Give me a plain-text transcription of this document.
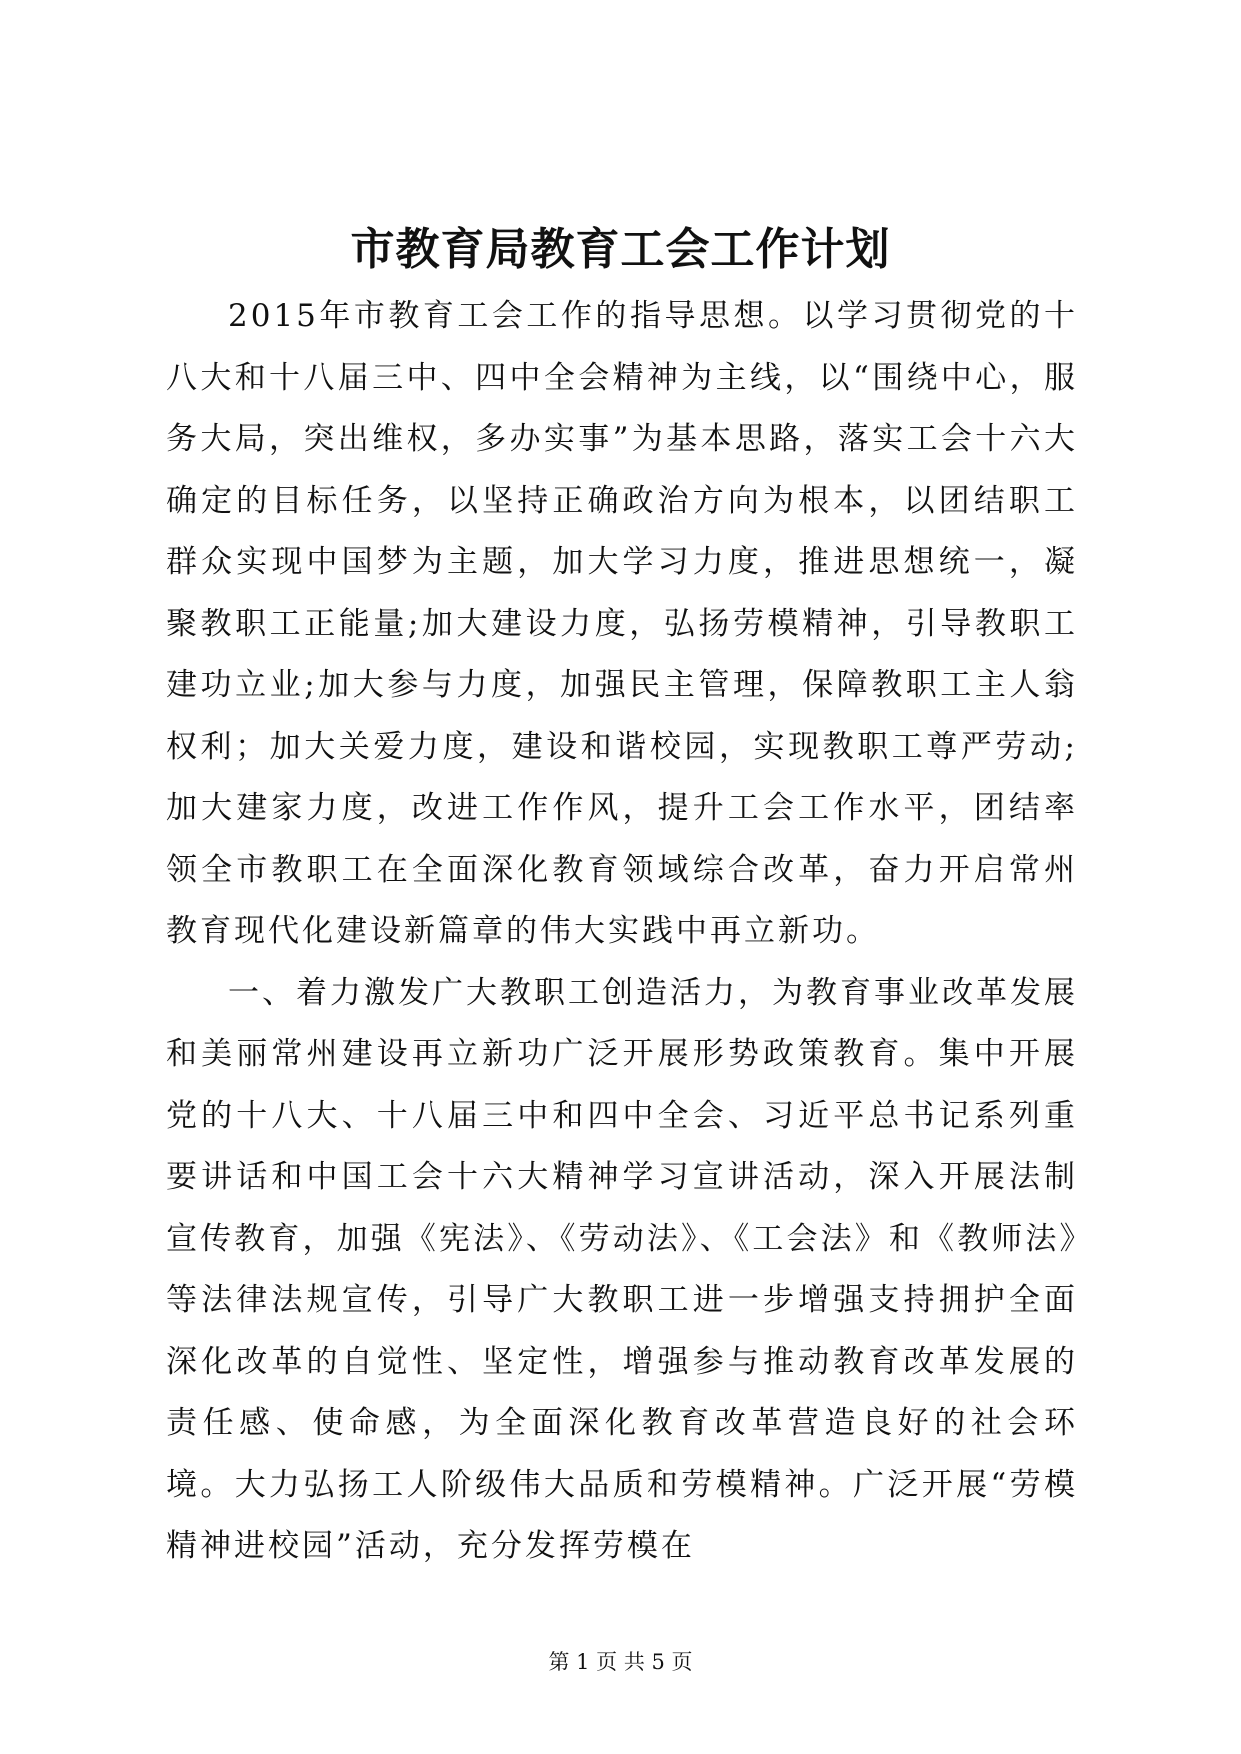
市教育局教育工会工作计划

2015年市教育工会工作的指导思想。以学习贯彻党的十八大和十八届三中、四中全会精神为主线，以“围绕中心，服务大局，突出维权，多办实事”为基本思路，落实工会十六大确定的目标任务，以坚持正确政治方向为根本，以团结职工群众实现中国梦为主题，加大学习力度，推进思想统一，凝聚教职工正能量;加大建设力度，弘扬劳模精神，引导教职工建功立业;加大参与力度，加强民主管理，保障教职工主人翁权利；加大关爱力度，建设和谐校园，实现教职工尊严劳动;加大建家力度，改进工作作风，提升工会工作水平，团结率领全市教职工在全面深化教育领域综合改革，奋力开启常州教育现代化建设新篇章的伟大实践中再立新功。

一、着力激发广大教职工创造活力，为教育事业改革发展和美丽常州建设再立新功广泛开展形势政策教育。集中开展党的十八大、十八届三中和四中全会、习近平总书记系列重要讲话和中国工会十六大精神学习宣讲活动，深入开展法制宣传教育，加强《宪法》、《劳动法》、《工会法》和《教师法》等法律法规宣传，引导广大教职工进一步增强支持拥护全面深化改革的自觉性、坚定性，增强参与推动教育改革发展的责任感、使命感，为全面深化教育改革营造良好的社会环境。大力弘扬工人阶级伟大品质和劳模精神。广泛开展“劳模精神进校园”活动，充分发挥劳模在

第 1 页 共 5 页
